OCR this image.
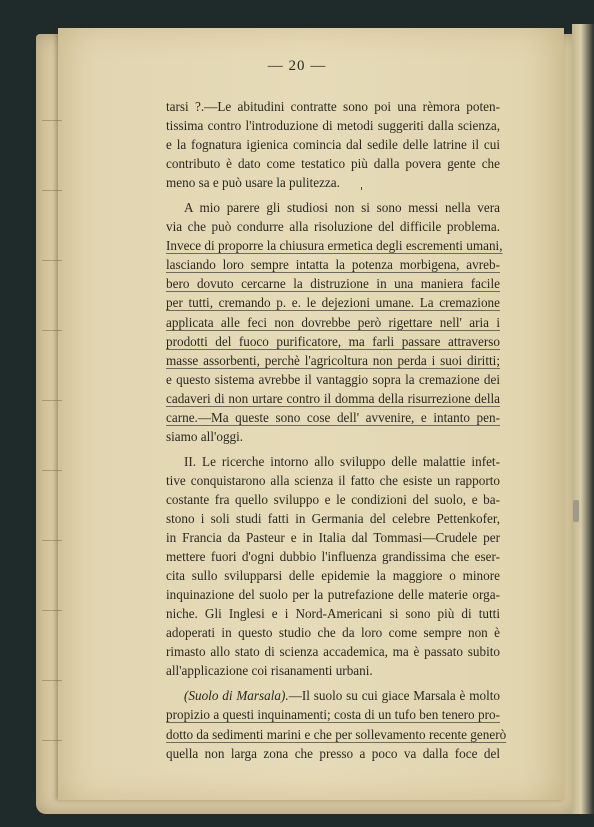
— 20 —
'
tarsi ?.—Le abitudini contratte sono poi una rèmora poten-
tissima contro l'introduzione di metodi suggeriti dalla scienza,
e la fognatura igienica comincia dal sedile delle latrine il cui
contributo è dato come testatico più dalla povera gente che
meno sa e può usare la pulitezza.
A mio parere gli studiosi non si sono messi nella vera
via che può condurre alla risoluzione del difficile problema.
Invece di proporre la chiusura ermetica degli escrementi umani,
lasciando loro sempre intatta la potenza morbigena, avreb-
bero dovuto cercarne la distruzione in una maniera facile
per tutti, cremando p. e. le dejezioni umane. La cremazione
applicata alle feci non dovrebbe però rigettare nell' aria i
prodotti del fuoco purificatore, ma farli passare attraverso
masse assorbenti, perchè l'agricoltura non perda i suoi diritti;
e questo sistema avrebbe il vantaggio sopra la cremazione dei
cadaveri di non urtare contro il domma della risurrezione della
carne.—Ma queste sono cose dell' avvenire, e intanto pen-
siamo all'oggi.
II. Le ricerche intorno allo sviluppo delle malattie infet-
tive conquistarono alla scienza il fatto che esiste un rapporto
costante fra quello sviluppo e le condizioni del suolo, e ba-
stono i soli studi fatti in Germania del celebre Pettenkofer,
in Francia da Pasteur e in Italia dal Tommasi—Crudele per
mettere fuori d'ogni dubbio l'influenza grandissima che eser-
cita sullo svilupparsi delle epidemie la maggiore o minore
inquinazione del suolo per la putrefazione delle materie orga-
niche. Gli Inglesi e i Nord-Americani si sono più di tutti
adoperati in questo studio che da loro come sempre non è
rimasto allo stato di scienza accademica, ma è passato subito
all'applicazione coi risanamenti urbani.
(Suolo di Marsala).—Il suolo su cui giace Marsala è molto
propizio a questi inquinamenti; costa di un tufo ben tenero pro-
dotto da sedimenti marini e che per sollevamento recente generò
quella non larga zona che presso a poco va dalla foce del
